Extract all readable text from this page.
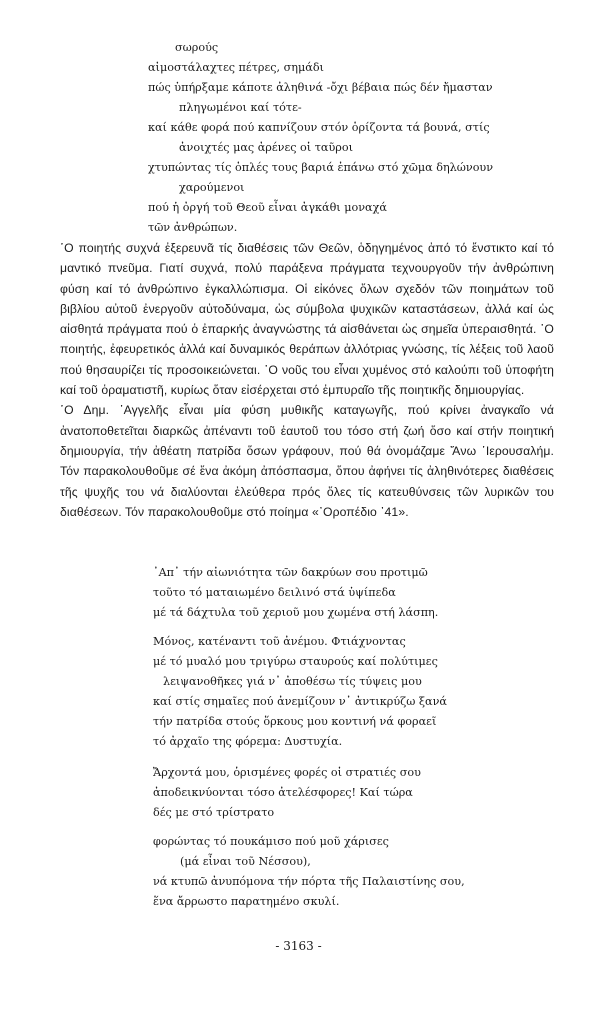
σωρούς
αἱμοστάλαχτες πέτρες, σημάδι
πώς ὑπήρξαμε κάποτε ἀληθινά -ὄχι βέβαια πώς δέν ἤμασταν
πληγωμένοι καί τότε-
καί κάθε φορά πού καπνίζουν στόν ὁρίζοντα τά βουνά, στίς
ἀνοιχτές μας ἀρένες οἱ ταῦροι
χτυπώντας τίς ὁπλές τους βαριά ἐπάνω στό χῶμα δηλώνουν
χαρούμενοι
πού ἡ ὀργή τοῦ Θεοῦ εἶναι ἀγκάθι μοναχά
τῶν ἀνθρώπων.

῾Ο ποιητής συχνά ἐξερευνᾶ τίς διαθέσεις τῶν Θεῶν, ὁδηγημένος ἀπό τό ἔνστικτο καί τό μαντικό πνεῦμα. Γιατί συχνά, πολύ παράξενα πράγματα τεχνουργοῦν τήν ἀνθρώπινη φύση καί τό ἀνθρώπινο ἐγκαλλώπισμα. Οἱ εἰκόνες ὅλων σχεδόν τῶν ποιημάτων τοῦ βιβλίου αὐτοῦ ἐνεργοῦν αὐτοδύναμα, ὡς σύμβολα ψυχικῶν καταστάσεων, ἀλλά καί ὡς αἰσθητά πράγματα πού ὁ ἐπαρκής ἀναγνώστης τά αἰσθάνεται ὡς σημεῖα ὑπεραισθητά. ῾Ο ποιητής, ἐφευρετικός ἀλλά καί δυναμικός θεράπων ἀλλότριας γνώσης, τίς λέξεις τοῦ λαοῦ πού θησαυρίζει τίς προσοικειώνεται. ῾Ο νοῦς του εἶναι χυμένος στό καλούπι τοῦ ὑποφήτη καί τοῦ ὁραματιστῆ, κυρίως ὅταν εἰσέρχεται στό ἐμπυραῖο τῆς ποιητικῆς δημιουργίας.

῾Ο Δημ. ᾽Αγγελῆς εἶναι μία φύση μυθικῆς καταγωγῆς, πού κρίνει ἀναγκαῖο νά ἀνατοποθετεῖται διαρκῶς ἀπέναντι τοῦ ἑαυτοῦ του τόσο στή ζωή ὅσο καί στήν ποιητική δημιουργία, τήν ἀθέατη πατρίδα ὅσων γράφουν, πού θά ὀνομάζαμε Ἄνω ῾Ιερουσαλήμ. Τόν παρακολουθοῦμε σέ ἕνα ἀκόμη ἀπόσπασμα, ὅπου ἀφήνει τίς ἀληθινότερες διαθέσεις τῆς ψυχῆς του νά διαλύονται ἐλεύθερα πρός ὅλες τίς κατευθύνσεις τῶν λυρικῶν του διαθέσεων. Τόν παρακολουθοῦμε στό ποίημα «᾽Οροπέδιο ᾽41».

᾽Απ᾽ τήν αἰωνιότητα τῶν δακρύων σου προτιμῶ
τοῦτο τό ματαιωμένο δειλινό στά ὑψίπεδα
μέ τά δάχτυλα τοῦ χεριοῦ μου χωμένα στή λάσπη.
Μόνος, κατέναντι τοῦ ἀνέμου. Φτιάχνοντας
μέ τό μυαλό μου τριγύρω σταυρούς καί πολύτιμες
λειψανοθῆκες γιά ν᾽ ἀποθέσω τίς τύψεις μου
καί στίς σημαῖες πού ἀνεμίζουν ν᾽ ἀντικρύζω ξανά
τήν πατρίδα στούς ὅρκους μου κοντινή νά φοραεῖ
τό ἀρχαῖο της φόρεμα: Δυστυχία.
Ἄρχοντά μου, ὁρισμένες φορές οἱ στρατιές σου
ἀποδεικνύονται τόσο ἀτελέσφορες! Καί τώρα
δές με στό τρίστρατο
φορώντας τό πουκάμισο πού μοῦ χάρισες
(μά εἶναι τοῦ Νέσσου),
νά κτυπῶ ἀνυπόμονα τήν πόρτα τῆς Παλαιστίνης σου,
ἕνα ἄρρωστο παρατημένο σκυλί.
- 3163 -
